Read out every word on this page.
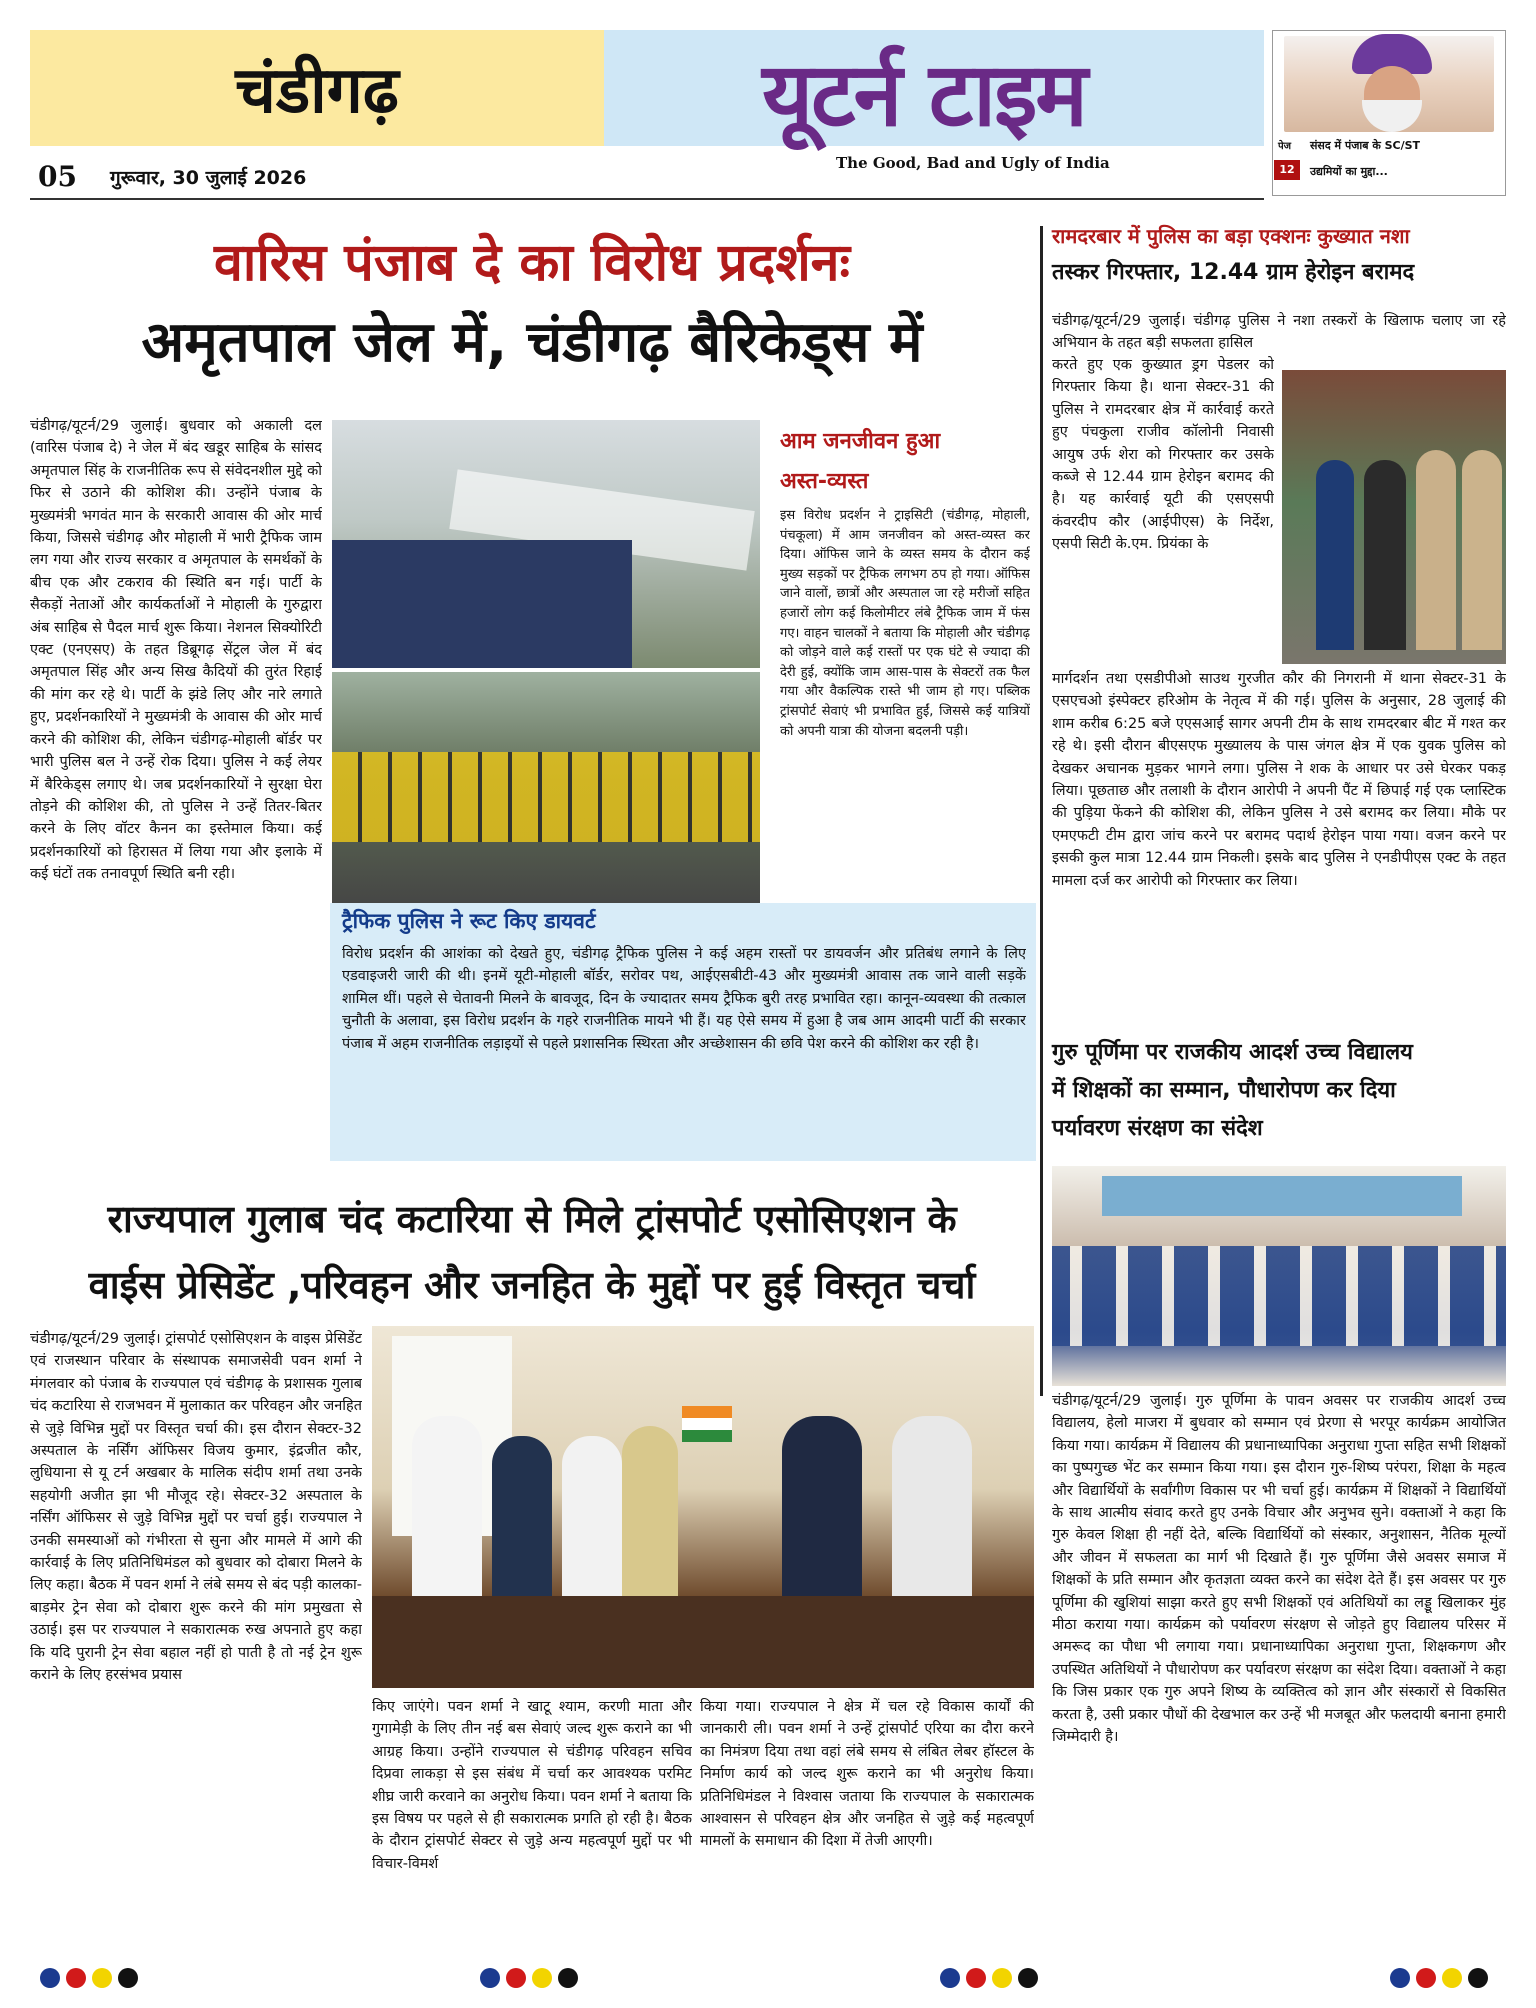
चंडीगढ़	यूटर्न टाइम
The Good, Bad and Ugly of India
05 गुरूवार, 30 जुलाई 2026
पेज
12
संसद में पंजाब के SC/ST
उद्यमियों का मुद्दा...
वारिस पंजाब दे का विरोध प्रदर्शनः
अमृतपाल जेल में, चंडीगढ़ बैरिकेड्स में

चंडीगढ़/यूटर्न/29 जुलाई। बुधवार को अकाली दल (वारिस पंजाब दे) ने जेल में बंद खडूर साहिब के सांसद अमृतपाल सिंह के राजनीतिक रूप से संवेदनशील मुद्दे को फिर से उठाने की कोशिश की। उन्होंने पंजाब के मुख्यमंत्री भगवंत मान के सरकारी आवास की ओर मार्च किया, जिससे चंडीगढ़ और मोहाली में भारी ट्रैफिक जाम लग गया और राज्य सरकार व अमृतपाल के समर्थकों के बीच एक और टकराव की स्थिति बन गई। पार्टी के सैकड़ों नेताओं और कार्यकर्ताओं ने मोहाली के गुरुद्वारा अंब साहिब से पैदल मार्च शुरू किया। नेशनल सिक्योरिटी एक्ट (एनएसए) के तहत डिब्रूगढ़ सेंट्रल जेल में बंद अमृतपाल सिंह और अन्य सिख कैदियों की तुरंत रिहाई की मांग कर रहे थे। पार्टी के झंडे लिए और नारे लगाते हुए, प्रदर्शनकारियों ने मुख्यमंत्री के आवास की ओर मार्च करने की कोशिश की, लेकिन चंडीगढ़-मोहाली बॉर्डर पर भारी पुलिस बल ने उन्हें रोक दिया। पुलिस ने कई लेयर में बैरिकेड्स लगाए थे। जब प्रदर्शनकारियों ने सुरक्षा घेरा तोड़ने की कोशिश की, तो पुलिस ने उन्हें तितर-बितर करने के लिए वॉटर कैनन का इस्तेमाल किया। कई प्रदर्शनकारियों को हिरासत में लिया गया और इलाके में कई घंटों तक तनावपूर्ण स्थिति बनी रही।

आम जनजीवन हुआ
अस्त-व्यस्त
इस विरोध प्रदर्शन ने ट्राइसिटी (चंडीगढ़, मोहाली, पंचकूला) में आम जनजीवन को अस्त-व्यस्त कर दिया। ऑफिस जाने के व्यस्त समय के दौरान कई मुख्य सड़कों पर ट्रैफिक लगभग ठप हो गया। ऑफिस जाने वालों, छात्रों और अस्पताल जा रहे मरीजों सहित हजारों लोग कई किलोमीटर लंबे ट्रैफिक जाम में फंस गए। वाहन चालकों ने बताया कि मोहाली और चंडीगढ़ को जोड़ने वाले कई रास्तों पर एक घंटे से ज्यादा की देरी हुई, क्योंकि जाम आस-पास के सेक्टरों तक फैल गया और वैकल्पिक रास्ते भी जाम हो गए। पब्लिक ट्रांसपोर्ट सेवाएं भी प्रभावित हुईं, जिससे कई यात्रियों को अपनी यात्रा की योजना बदलनी पड़ी।
ट्रैफिक पुलिस ने रूट किए डायवर्ट
विरोध प्रदर्शन की आशंका को देखते हुए, चंडीगढ़ ट्रैफिक पुलिस ने कई अहम रास्तों पर डायवर्जन और प्रतिबंध लगाने के लिए एडवाइजरी जारी की थी। इनमें यूटी-मोहाली बॉर्डर, सरोवर पथ, आईएसबीटी-43 और मुख्यमंत्री आवास तक जाने वाली सड़कें शामिल थीं। पहले से चेतावनी मिलने के बावजूद, दिन के ज्यादातर समय ट्रैफिक बुरी तरह प्रभावित रहा। कानून-व्यवस्था की तत्काल चुनौती के अलावा, इस विरोध प्रदर्शन के गहरे राजनीतिक मायने भी हैं। यह ऐसे समय में हुआ है जब आम आदमी पार्टी की सरकार पंजाब में अहम राजनीतिक लड़ाइयों से पहले प्रशासनिक स्थिरता और अच्छेशासन की छवि पेश करने की कोशिश कर रही है।
रामदरबार में पुलिस का बड़ा एक्शनः कुख्यात नशा
तस्कर गिरफ्तार, 12.44 ग्राम हेरोइन बरामद
चंडीगढ़/यूटर्न/29 जुलाई। चंडीगढ़ पुलिस ने नशा तस्करों के खिलाफ चलाए जा रहे अभियान के तहत बड़ी सफलता हासिल
करते हुए एक कुख्यात ड्रग पेडलर को गिरफ्तार किया है। थाना सेक्टर-31 की पुलिस ने रामदरबार क्षेत्र में कार्रवाई करते हुए पंचकुला राजीव कॉलोनी निवासी आयुष उर्फ शेरा को गिरफ्तार कर उसके कब्जे से 12.44 ग्राम हेरोइन बरामद की है। यह कार्रवाई यूटी की एसएसपी कंवरदीप कौर (आईपीएस) के निर्देश, एसपी सिटी के.एम. प्रियंका के
मार्गदर्शन तथा एसडीपीओ साउथ गुरजीत कौर की निगरानी में थाना सेक्टर-31 के एसएचओ इंस्पेक्टर हरिओम के नेतृत्व में की गई। पुलिस के अनुसार, 28 जुलाई की शाम करीब 6:25 बजे एएसआई सागर अपनी टीम के साथ रामदरबार बीट में गश्त कर रहे थे। इसी दौरान बीएसएफ मुख्यालय के पास जंगल क्षेत्र में एक युवक पुलिस को देखकर अचानक मुड़कर भागने लगा। पुलिस ने शक के आधार पर उसे घेरकर पकड़ लिया। पूछताछ और तलाशी के दौरान आरोपी ने अपनी पैंट में छिपाई गई एक प्लास्टिक की पुड़िया फेंकने की कोशिश की, लेकिन पुलिस ने उसे बरामद कर लिया। मौके पर एमएफटी टीम द्वारा जांच करने पर बरामद पदार्थ हेरोइन पाया गया। वजन करने पर इसकी कुल मात्रा 12.44 ग्राम निकली। इसके बाद पुलिस ने एनडीपीएस एक्ट के तहत मामला दर्ज कर आरोपी को गिरफ्तार कर लिया।
गुरु पूर्णिमा पर राजकीय आदर्श उच्च विद्यालय
में शिक्षकों का सम्मान, पौधारोपण कर दिया
पर्यावरण संरक्षण का संदेश
चंडीगढ़/यूटर्न/29 जुलाई। गुरु पूर्णिमा के पावन अवसर पर राजकीय आदर्श उच्च विद्यालय, हेलो माजरा में बुधवार को सम्मान एवं प्रेरणा से भरपूर कार्यक्रम आयोजित किया गया। कार्यक्रम में विद्यालय की प्रधानाध्यापिका अनुराधा गुप्ता सहित सभी शिक्षकों का पुष्पगुच्छ भेंट कर सम्मान किया गया। इस दौरान गुरु-शिष्य परंपरा, शिक्षा के महत्व और विद्यार्थियों के सर्वांगीण विकास पर भी चर्चा हुई। कार्यक्रम में शिक्षकों ने विद्यार्थियों के साथ आत्मीय संवाद करते हुए उनके विचार और अनुभव सुने। वक्ताओं ने कहा कि गुरु केवल शिक्षा ही नहीं देते, बल्कि विद्यार्थियों को संस्कार, अनुशासन, नैतिक मूल्यों और जीवन में सफलता का मार्ग भी दिखाते हैं। गुरु पूर्णिमा जैसे अवसर समाज में शिक्षकों के प्रति सम्मान और कृतज्ञता व्यक्त करने का संदेश देते हैं। इस अवसर पर गुरु पूर्णिमा की खुशियां साझा करते हुए सभी शिक्षकों एवं अतिथियों का लड्डू खिलाकर मुंह मीठा कराया गया। कार्यक्रम को पर्यावरण संरक्षण से जोड़ते हुए विद्यालय परिसर में अमरूद का पौधा भी लगाया गया। प्रधानाध्यापिका अनुराधा गुप्ता, शिक्षकगण और उपस्थित अतिथियों ने पौधारोपण कर पर्यावरण संरक्षण का संदेश दिया। वक्ताओं ने कहा कि जिस प्रकार एक गुरु अपने शिष्य के व्यक्तित्व को ज्ञान और संस्कारों से विकसित करता है, उसी प्रकार पौधों की देखभाल कर उन्हें भी मजबूत और फलदायी बनाना हमारी जिम्मेदारी है।
राज्यपाल गुलाब चंद कटारिया से मिले ट्रांसपोर्ट एसोसिएशन के
वाईस प्रेसिडेंट ,परिवहन और जनहित के मुद्दों पर हुई विस्तृत चर्चा
चंडीगढ़/यूटर्न/29 जुलाई। ट्रांसपोर्ट एसोसिएशन के वाइस प्रेसिडेंट एवं राजस्थान परिवार के संस्थापक समाजसेवी पवन शर्मा ने मंगलवार को पंजाब के राज्यपाल एवं चंडीगढ़ के प्रशासक गुलाब चंद कटारिया से राजभवन में मुलाकात कर परिवहन और जनहित से जुड़े विभिन्न मुद्दों पर विस्तृत चर्चा की। इस दौरान सेक्टर-32 अस्पताल के नर्सिंग ऑफिसर विजय कुमार, इंद्रजीत कौर, लुधियाना से यू टर्न अखबार के मालिक संदीप शर्मा तथा उनके सहयोगी अजीत झा भी मौजूद रहे। सेक्टर-32 अस्पताल के नर्सिंग ऑफिसर से जुड़े विभिन्न मुद्दों पर चर्चा हुई। राज्यपाल ने उनकी समस्याओं को गंभीरता से सुना और मामले में आगे की कार्रवाई के लिए प्रतिनिधिमंडल को बुधवार को दोबारा मिलने के लिए कहा। बैठक में पवन शर्मा ने लंबे समय से बंद पड़ी कालका-बाड़मेर ट्रेन सेवा को दोबारा शुरू करने की मांग प्रमुखता से उठाई। इस पर राज्यपाल ने सकारात्मक रुख अपनाते हुए कहा कि यदि पुरानी ट्रेन सेवा बहाल नहीं हो पाती है तो नई ट्रेन शुरू कराने के लिए हरसंभव प्रयास
किए जाएंगे। पवन शर्मा ने खाटू श्याम, करणी माता और गुगामेड़ी के लिए तीन नई बस सेवाएं जल्द शुरू कराने का भी आग्रह किया। उन्होंने राज्यपाल से चंडीगढ़ परिवहन सचिव दिप्रवा लाकड़ा से इस संबंध में चर्चा कर आवश्यक परमिट शीघ्र जारी करवाने का अनुरोध किया। पवन शर्मा ने बताया कि इस विषय पर पहले से ही सकारात्मक प्रगति हो रही है। बैठक के दौरान ट्रांसपोर्ट सेक्टर से जुड़े अन्य महत्वपूर्ण मुद्दों पर भी विचार-विमर्श
किया गया। राज्यपाल ने क्षेत्र में चल रहे विकास कार्यों की जानकारी ली। पवन शर्मा ने उन्हें ट्रांसपोर्ट एरिया का दौरा करने का निमंत्रण दिया तथा वहां लंबे समय से लंबित लेबर हॉस्टल के निर्माण कार्य को जल्द शुरू कराने का भी अनुरोध किया। प्रतिनिधिमंडल ने विश्वास जताया कि राज्यपाल के सकारात्मक आश्वासन से परिवहन क्षेत्र और जनहित से जुड़े कई महत्वपूर्ण मामलों के समाधान की दिशा में तेजी आएगी।
